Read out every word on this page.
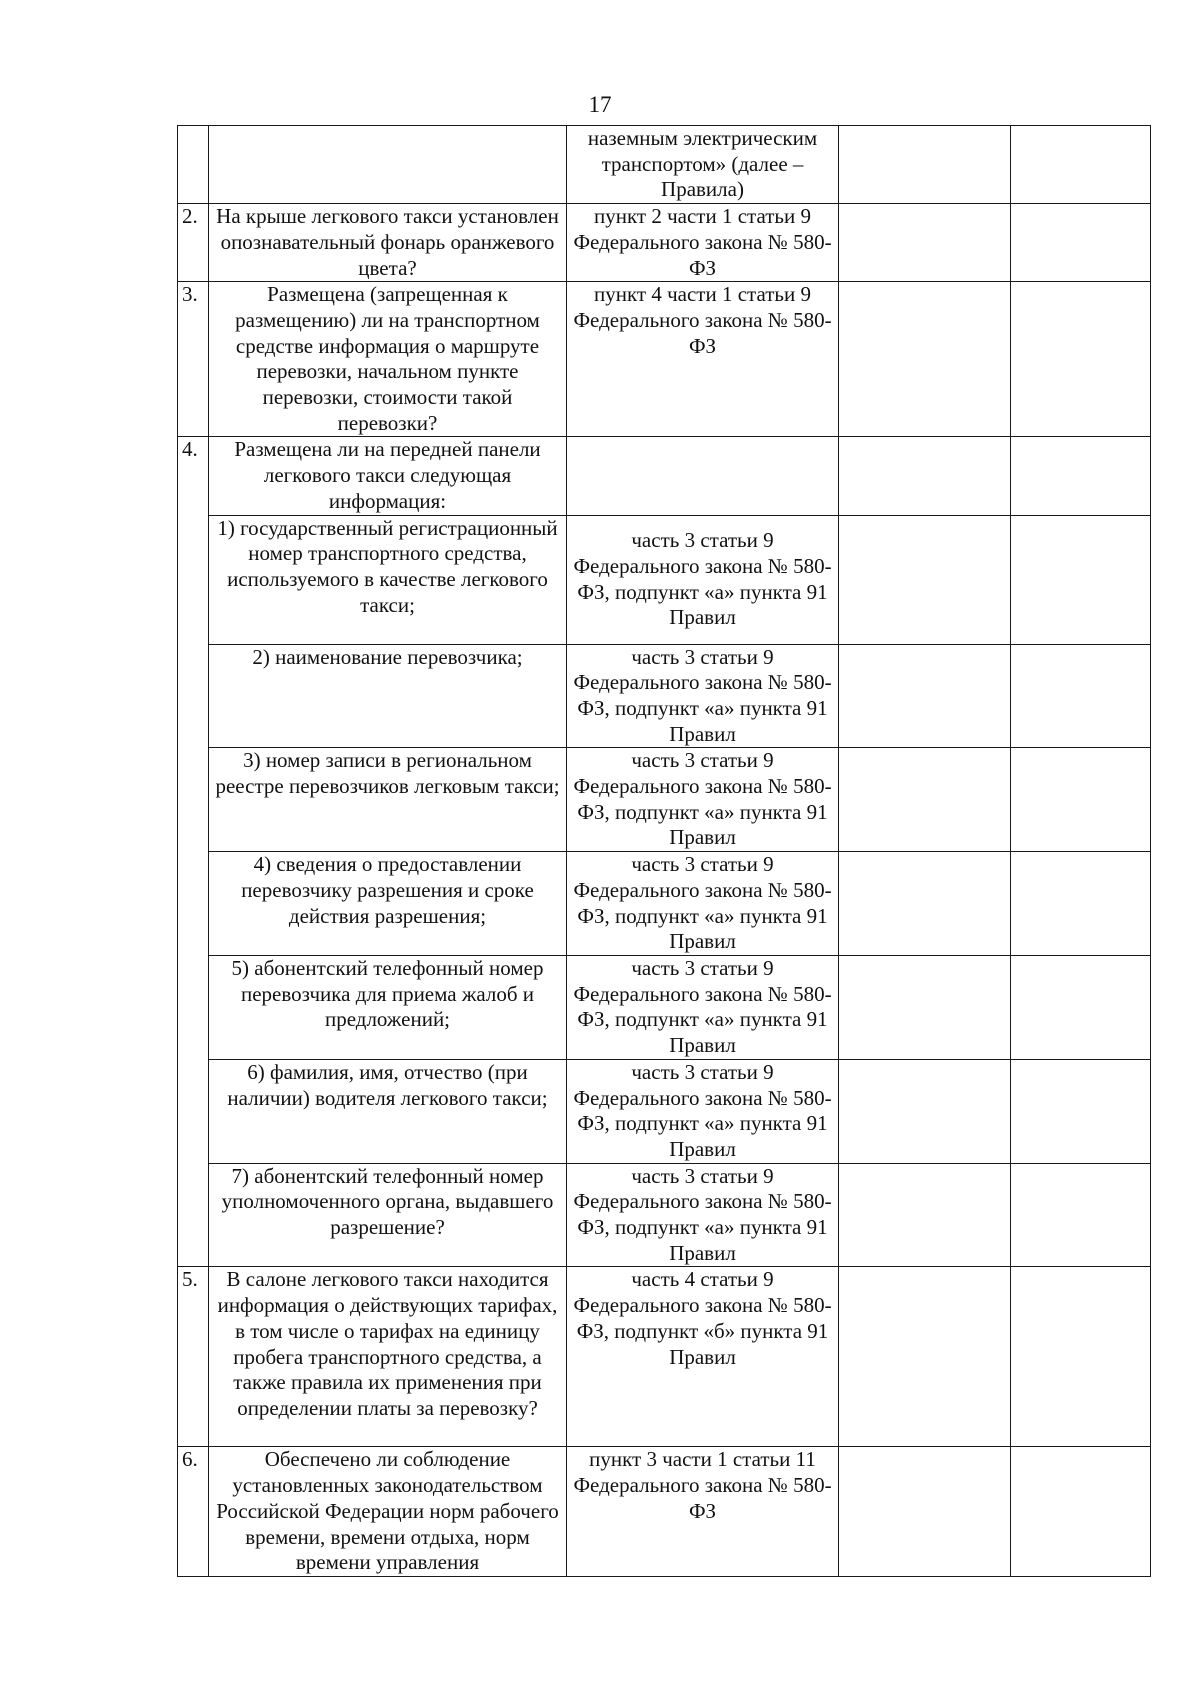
17
		наземным электрическим транспортом» (далее – Правила)		
2.	На крыше легкового такси установлен опознавательный фонарь оранжевого цвета?	пункт 2 части 1 статьи 9 Федерального закона № 580-ФЗ		
3.	Размещена (запрещенная к размещению) ли на транспортном средстве информация о маршруте перевозки, начальном пункте перевозки, стоимости такой перевозки?	пункт 4 части 1 статьи 9 Федерального закона № 580-ФЗ		
4.	Размещена ли на передней панели легкового такси следующая информация:			
	1) государственный регистрационный номер транспортного средства, используемого в качестве легкового такси;	часть 3 статьи 9 Федерального закона № 580-ФЗ, подпункт «а» пункта 91 Правил		
	2) наименование перевозчика;	часть 3 статьи 9 Федерального закона № 580-ФЗ, подпункт «а» пункта 91 Правил		
	3) номер записи в региональном реестре перевозчиков легковым такси;	часть 3 статьи 9 Федерального закона № 580-ФЗ, подпункт «а» пункта 91 Правил		
	4) сведения о предоставлении перевозчику разрешения и сроке действия разрешения;	часть 3 статьи 9 Федерального закона № 580-ФЗ, подпункт «а» пункта 91 Правил		
	5) абонентский телефонный номер перевозчика для приема жалоб и предложений;	часть 3 статьи 9 Федерального закона № 580-ФЗ, подпункт «а» пункта 91 Правил		
	6) фамилия, имя, отчество (при наличии) водителя легкового такси;	часть 3 статьи 9 Федерального закона № 580-ФЗ, подпункт «а» пункта 91 Правил		
	7) абонентский телефонный номер уполномоченного органа, выдавшего разрешение?	часть 3 статьи 9 Федерального закона № 580-ФЗ, подпункт «а» пункта 91 Правил		
5.	В салоне легкового такси находится информация о действующих тарифах, в том числе о тарифах на единицу пробега транспортного средства, а также правила их применения при определении платы за перевозку?	часть 4 статьи 9 Федерального закона № 580-ФЗ, подпункт «б» пункта 91 Правил		
6.	Обеспечено ли соблюдение установленных законодательством Российской Федерации норм рабочего времени, времени отдыха, норм времени управления	пункт 3 части 1 статьи 11 Федерального закона № 580-ФЗ		
